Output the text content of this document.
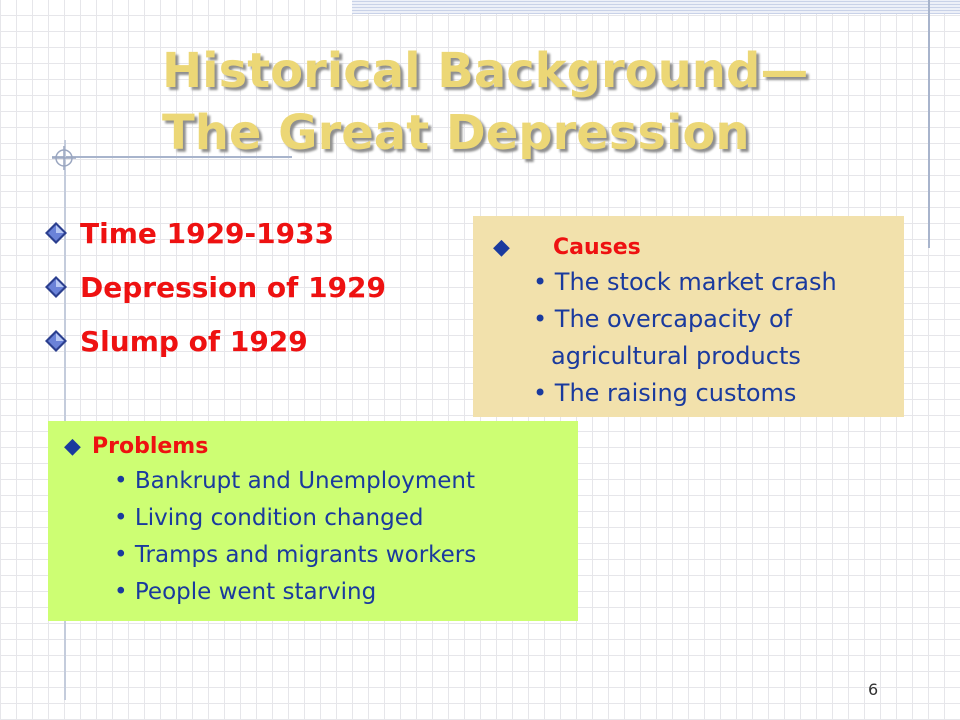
Historical Background—
The Great Depression
Time 1929-1933
Depression of 1929
Slump of 1929
◆	Causes
• The stock market crash
• The overcapacity of
agricultural products
• The raising customs
◆ Problems
• Bankrupt and Unemployment
• Living condition changed
• Tramps and migrants workers
• People went starving
6
